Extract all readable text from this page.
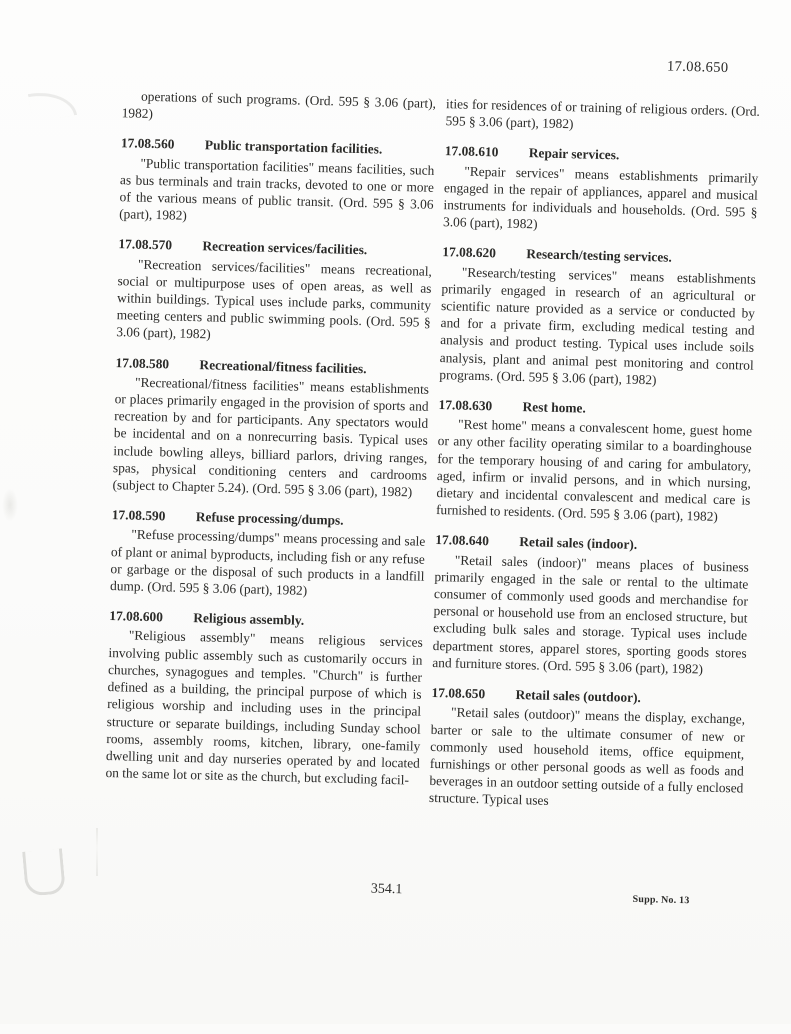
17.08.650

operations of such programs. (Ord. 595 § 3.06 (part), 1982)

17.08.560	Public transportation facilities.

"Public transportation facilities" means facilities, such as bus terminals and train tracks, devoted to one or more of the various means of public transit. (Ord. 595 § 3.06 (part), 1982)

17.08.570	Recreation services/facilities.

"Recreation services/facilities" means recreational, social or multipurpose uses of open areas, as well as within buildings. Typical uses include parks, community meeting centers and public swimming pools. (Ord. 595 § 3.06 (part), 1982)

17.08.580	Recreational/fitness facilities.

"Recreational/fitness facilities" means establishments or places primarily engaged in the provision of sports and recreation by and for participants. Any spectators would be incidental and on a nonrecurring basis. Typical uses include bowling alleys, billiard parlors, driving ranges, spas, physical conditioning centers and cardrooms (subject to Chapter 5.24). (Ord. 595 § 3.06 (part), 1982)

17.08.590	Refuse processing/dumps.

"Refuse processing/dumps" means processing and sale of plant or animal byproducts, including fish or any refuse or garbage or the disposal of such products in a landfill dump. (Ord. 595 § 3.06 (part), 1982)

17.08.600	Religious assembly.

"Religious assembly" means religious services involving public assembly such as customarily occurs in churches, synagogues and temples. "Church" is further defined as a building, the principal purpose of which is religious worship and including uses in the principal structure or separate buildings, including Sunday school rooms, assembly rooms, kitchen, library, one-family dwelling unit and day nurseries operated by and located on the same lot or site as the church, but excluding facil-

ities for residences of or training of religious orders. (Ord. 595 § 3.06 (part), 1982)

17.08.610	Repair services.

"Repair services" means establishments primarily engaged in the repair of appliances, apparel and musical instruments for individuals and households. (Ord. 595 § 3.06 (part), 1982)

17.08.620	Research/testing services.

"Research/testing services" means establishments primarily engaged in research of an agricultural or scientific nature provided as a service or conducted by and for a private firm, excluding medical testing and analysis and product testing. Typical uses include soils analysis, plant and animal pest monitoring and control programs. (Ord. 595 § 3.06 (part), 1982)

17.08.630	Rest home.

"Rest home" means a convalescent home, guest home or any other facility operating similar to a boardinghouse for the temporary housing of and caring for ambulatory, aged, infirm or invalid persons, and in which nursing, dietary and incidental convalescent and medical care is furnished to residents. (Ord. 595 § 3.06 (part), 1982)

17.08.640	Retail sales (indoor).

"Retail sales (indoor)" means places of business primarily engaged in the sale or rental to the ultimate consumer of commonly used goods and merchandise for personal or household use from an enclosed structure, but excluding bulk sales and storage. Typical uses include department stores, apparel stores, sporting goods stores and furniture stores. (Ord. 595 § 3.06 (part), 1982)

17.08.650	Retail sales (outdoor).

"Retail sales (outdoor)" means the display, exchange, barter or sale to the ultimate consumer of new or commonly used household items, office equipment, furnishings or other personal goods as well as foods and beverages in an outdoor setting outside of a fully enclosed structure. Typical uses

354.1
Supp. No. 13
